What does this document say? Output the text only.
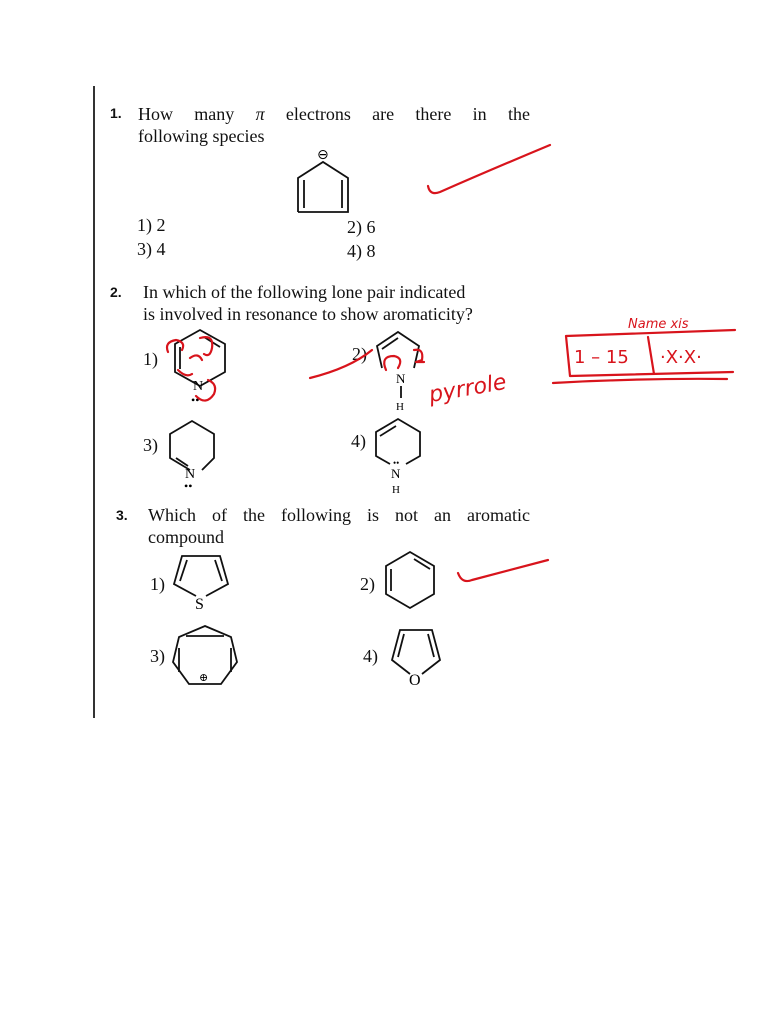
1. How many π electrons are there in the
following species
1) 2	2) 6
3) 4	4) 8
2. In which of the following lone pair indicated
is involved in resonance to show aromaticity?
1)	2)
3)	4)
3. Which of the following is not an aromatic
compound
1)	2)
3)	4)
⊖
N
••
N
H
N
••
••
N
H
S
⊕	O
pyrrole
Name xis
1 – 15 ·X·X·
